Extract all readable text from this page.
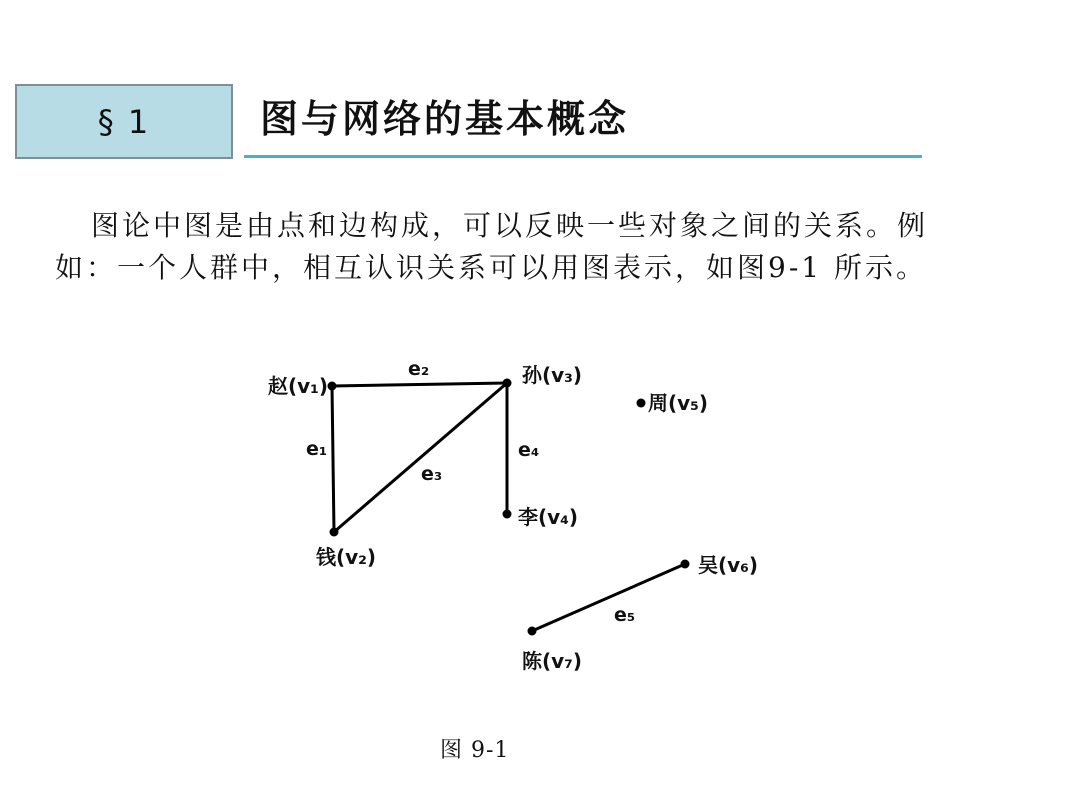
§ 1	图与网络的基本概念

图论中图是由点和边构成，可以反映一些对象之间的关系。例如：一个人群中，相互认识关系可以用图表示，如图9-1 所示。

赵(v₁)
钱(v₂)
孙(v₃)
李(v₄)
周(v₅)
吴(v₆)
陈(v₇)
e₁
e₂
e₃
e₄
e₅
图 9-1
